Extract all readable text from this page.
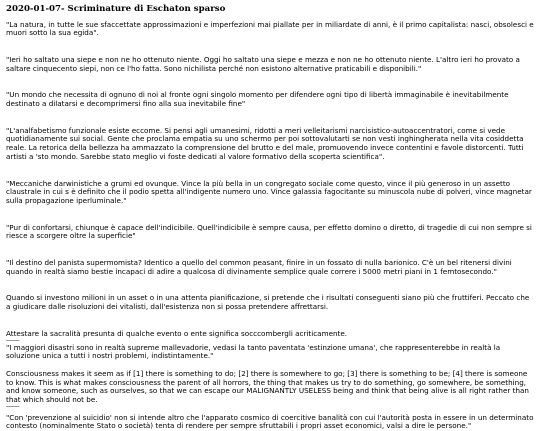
2020-01-07- Scriminature di Eschaton sparso

"La natura, in tutte le sue sfaccettate approssimazioni e imperfezioni mai piallate per in miliardate di anni, è il primo capitalista: nasci, obsolesci e muori sotto la sua egida".

"Ieri ho saltato una siepe e non ne ho ottenuto niente. Oggi ho saltato una siepe e mezza e non ne ho ottenuto niente. L'altro ieri ho provato a saltare cinquecento siepi, non ce l'ho fatta. Sono nichilista perché non esistono alternative praticabili e disponibili."

"Un mondo che necessita di ognuno di noi al fronte ogni singolo momento per difendere ogni tipo di libertà immaginabile è inevitabilmente destinato a dilatarsi e decomprimersi fino alla sua inevitabile fine"

"L'analfabetismo funzionale esiste eccome. Si pensi agli umanesimi, ridotti a meri velleitarismi narcisistico-autoaccentratori, come si vede quotidianamente sui social. Gente che proclama empatia su uno schermo per poi sottovalutarti se non vesti inghingherata nella vita cosiddetta reale. La retorica della bellezza ha ammazzato la comprensione del brutto e del male, promuovendo invece contentini e favole distorcenti. Tutti artisti a 'sto mondo. Sarebbe stato meglio vi foste dedicati al valore formativo della scoperta scientifica".

"Meccaniche darwinistiche a grumi ed ovunque. Vince la più bella in un congregato sociale come questo, vince il più generoso in un assetto claustrale in cui s è definito che il podio spetta all'indigente numero uno. Vince galassia fagocitante su minuscola nube di polveri, vince magnetar sulla propagazione iperluminale."

"Pur di confortarsi, chiunque è capace dell'indicibile. Quell'indicibile è sempre causa, per effetto domino o diretto, di tragedie di cui non sempre si riesce a scorgere oltre la superficie"

"Il destino del panista supermomista? Identico a quello del common peasant, finire in un fossato di nulla barionico. C'è un bel ritenersi divini quando in realtà siamo bestie incapaci di adire a qualcosa di divinamente semplice quale correre i 5000 metri piani in 1 femtosecondo."

Quando si investono milioni in un asset o in una attenta pianificazione, si pretende che i risultati conseguenti siano più che fruttiferi. Peccato che a giudicare dalle risoluzioni dei vitalisti, dall'esistenza non si possa pretendere affrettarsi.

Attestare la sacralità presunta di qualche evento o ente significa socccombergli acriticamente.

----------

"I maggiori disastri sono in realtà supreme mallevadorie, vedasi la tanto paventata 'estinzione umana', che rappresenterebbe in realtà la soluzione unica a tutti i nostri problemi, indistintamente."

Consciousness makes it seem as if [1] there is something to do; [2] there is somewhere to go; [3] there is something to be; [4] there is someone to know. This is what makes consciousness the parent of all horrors, the thing that makes us try to do something, go somewhere, be something, and know someone, such as ourselves, so that we can escape our MALIGNANTLY USELESS being and think that being alive is all right rather than that which should not be.

----------

"Con 'prevenzione al suicidio' non si intende altro che l'apparato cosmico di coercitive banalità con cui l'autorità posta in essere in un determinato contesto (nominalmente Stato o società) tenta di rendere per sempre sfruttabili i propri asset economici, valsi a dire le persone."
